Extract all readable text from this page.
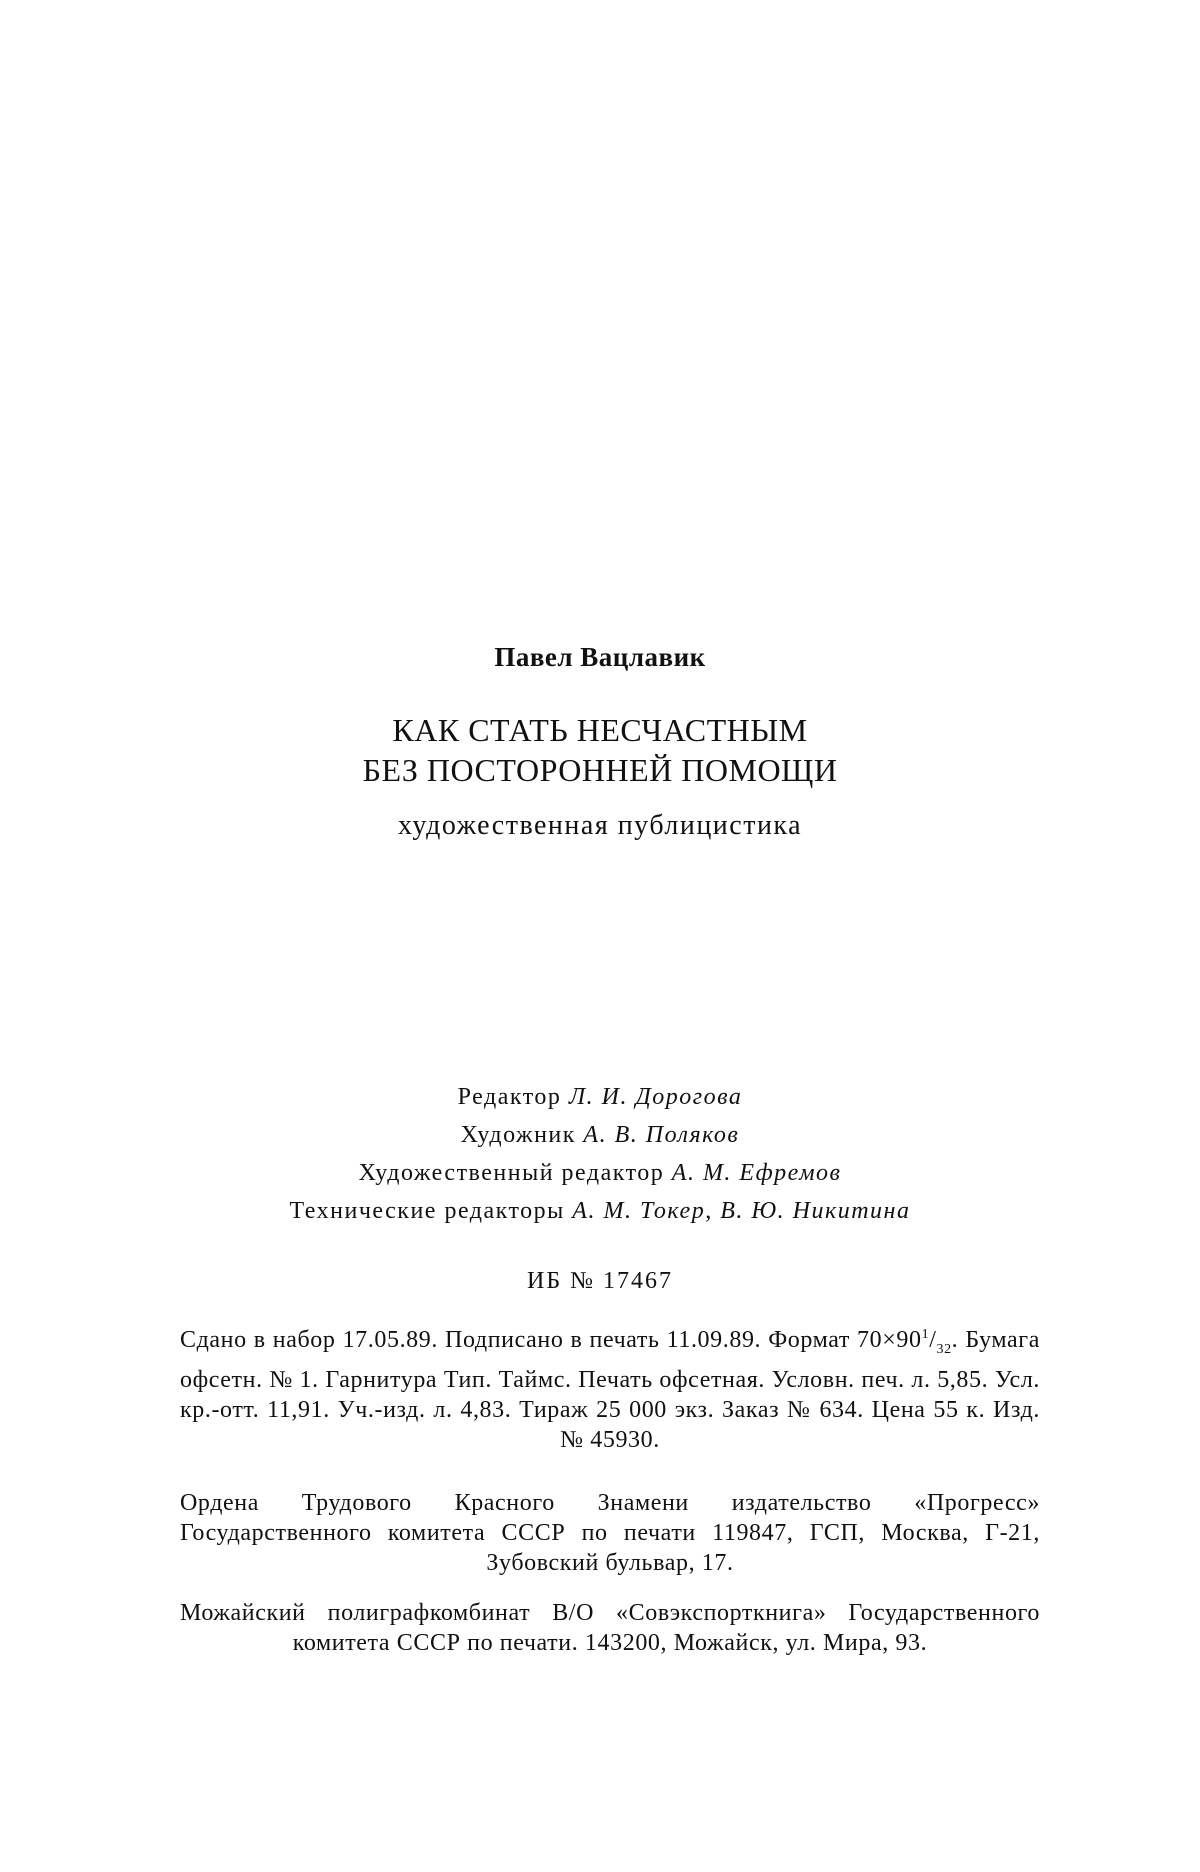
Павел Вацлавик
КАК СТАТЬ НЕСЧАСТНЫМ
БЕЗ ПОСТОРОННЕЙ ПОМОЩИ
художественная публицистика
Редактор Л. И. Дорогова
Художник А. В. Поляков
Художественный редактор А. М. Ефремов
Технические редакторы А. М. Токер, В. Ю. Никитина
ИБ № 17467
Сдано в набор 17.05.89. Подписано в печать 11.09.89. Формат $70\times 90^1/_{32}$. Бумага офсетн. № 1. Гарнитура Тип. Таймс. Печать офсетная. Условн. печ. л. 5,85. Усл. кр.-отт. 11,91. Уч.-изд. л. 4,83. Тираж 25 000 экз. Заказ № 634. Цена 55 к. Изд. № 45930.
Ордена Трудового Красного Знамени издательство «Прогресс» Государственного комитета СССР по печати 119847, ГСП, Москва, Г-21, Зубовский бульвар, 17.
Можайский полиграфкомбинат В/О «Совэкспорткнига» Государственного комитета СССР по печати. 143200, Можайск, ул. Мира, 93.
